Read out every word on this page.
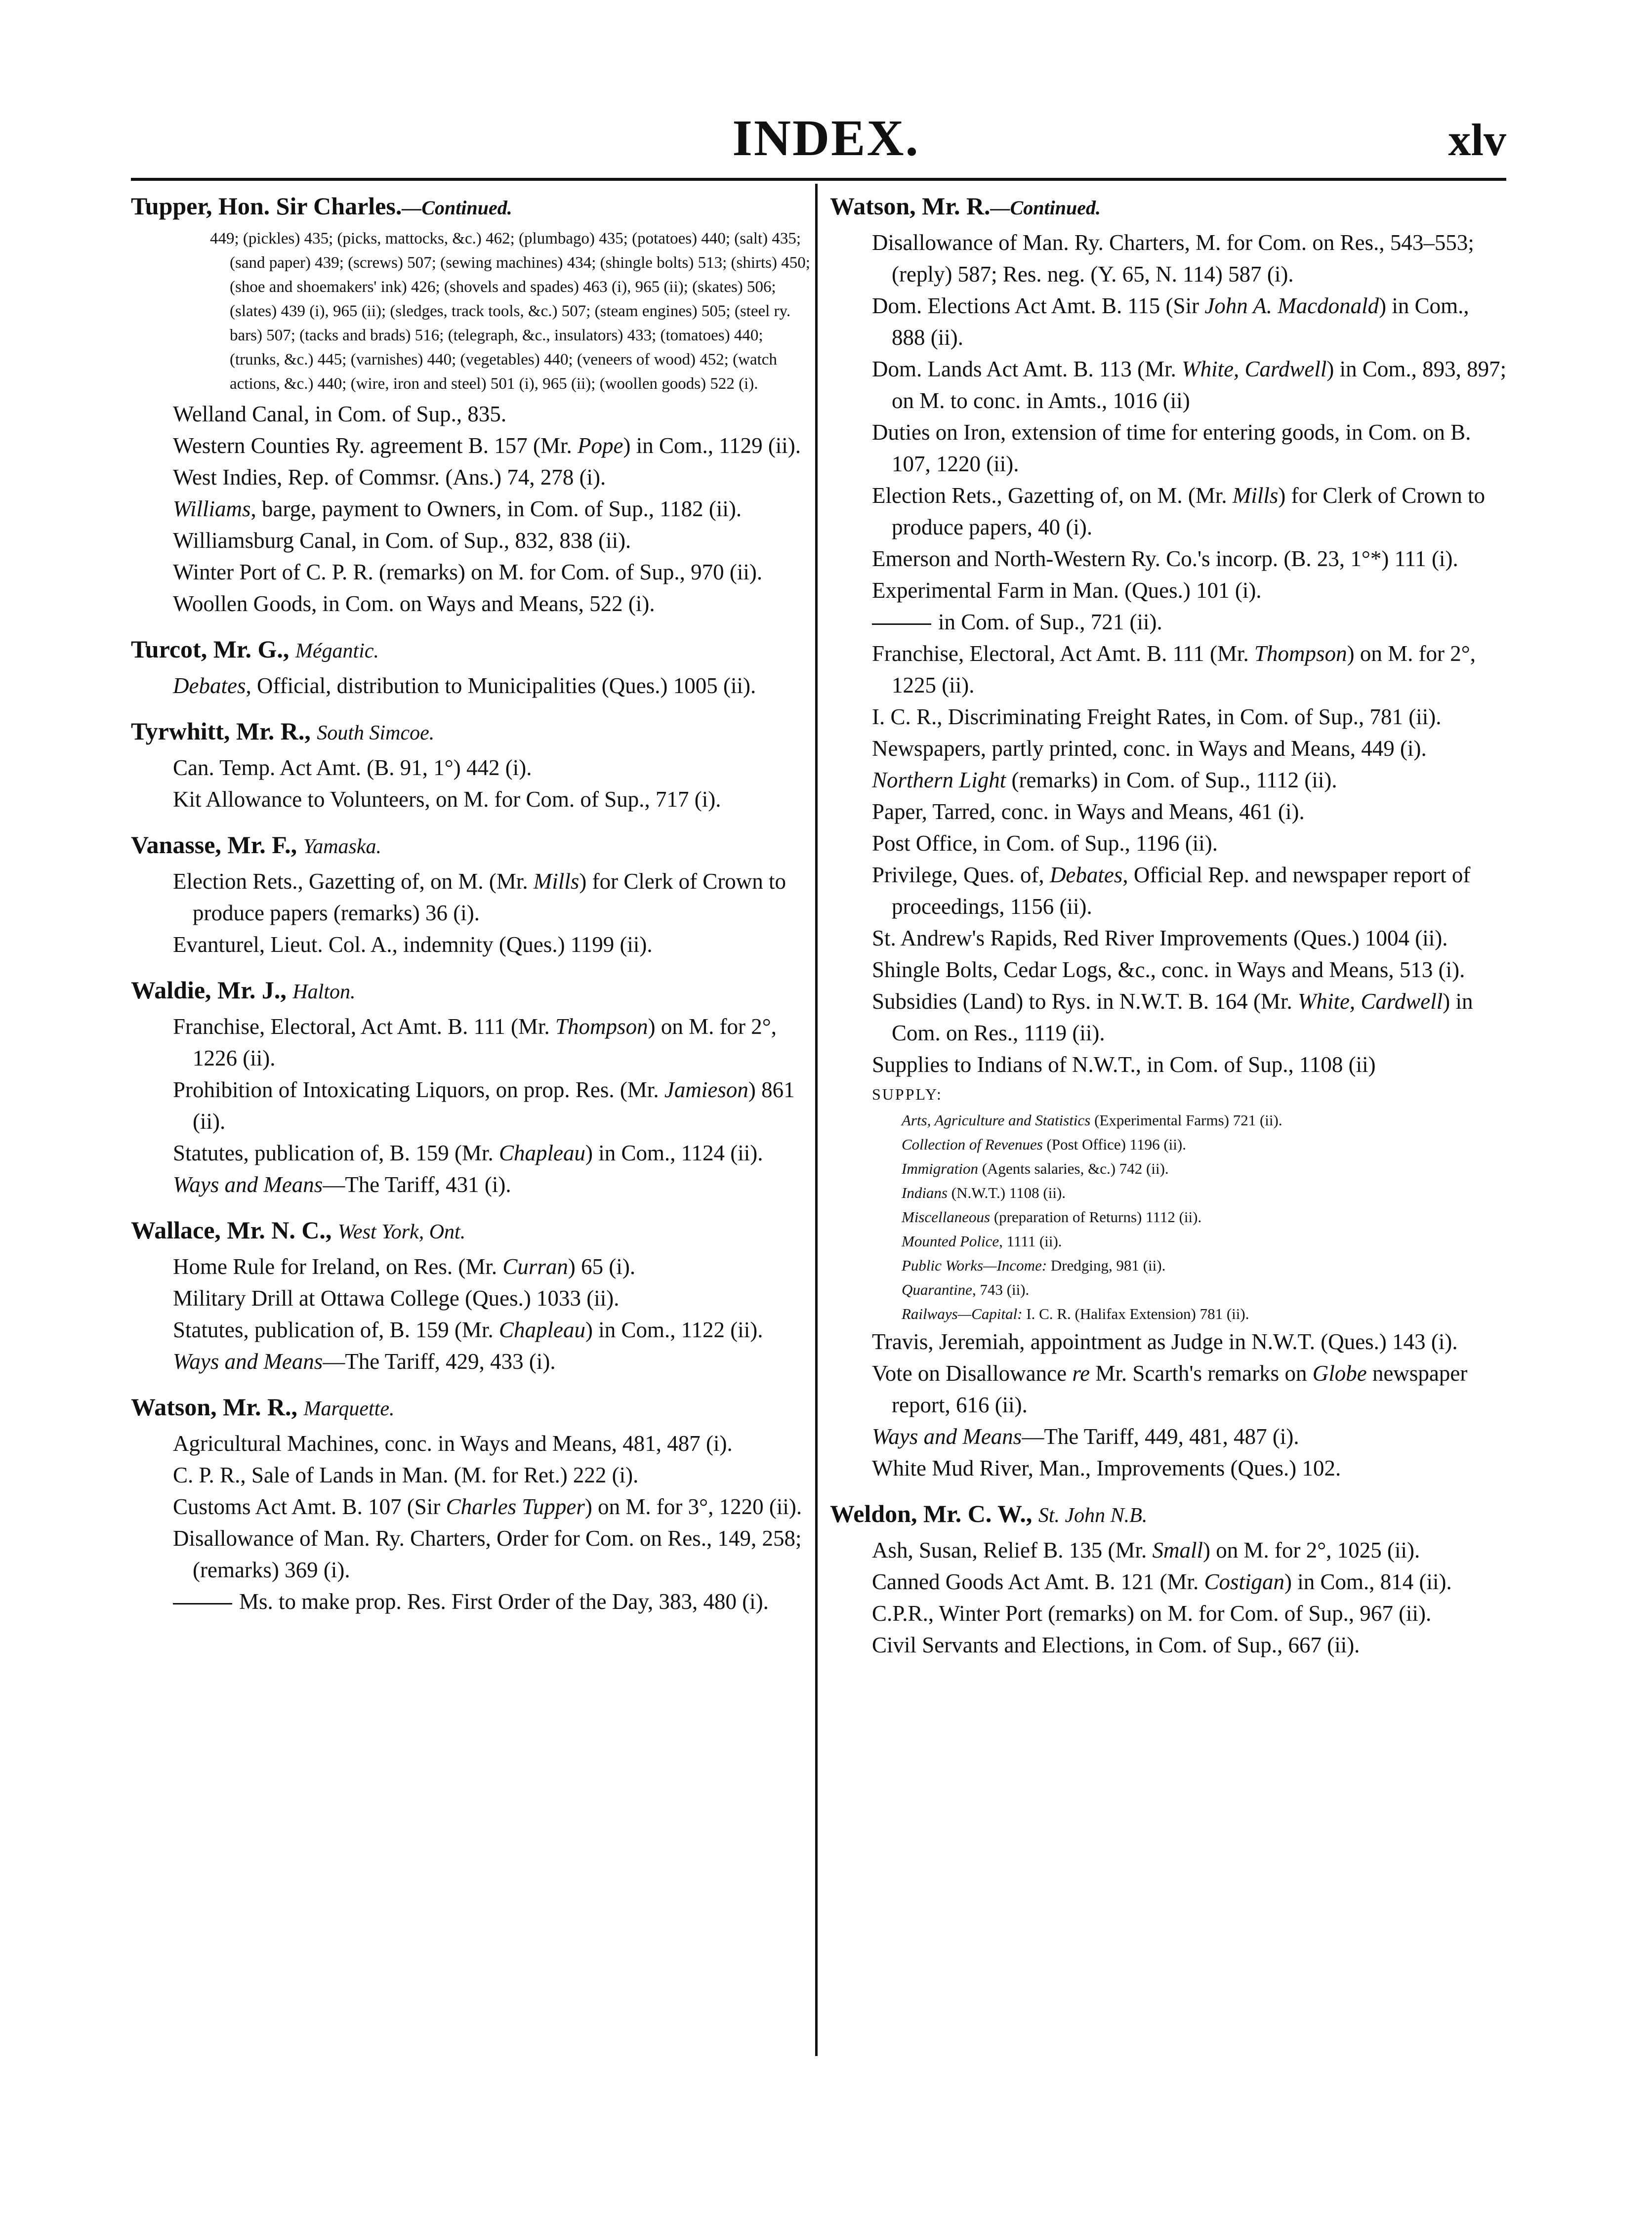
INDEX.	xlv
Tupper, Hon. Sir Charles.—Continued.
449; (pickles) 435; (picks, mattocks, &c.) 462; (plumbago) 435; (potatoes) 440; (salt) 435; (sand paper) 439; (screws) 507; (sewing machines) 434; (shingle bolts) 513; (shirts) 450; (shoe and shoemakers' ink) 426; (shovels and spades) 463 (i), 965 (ii); (skates) 506; (slates) 439 (i), 965 (ii); (sledges, track tools, &c.) 507; (steam engines) 505; (steel ry. bars) 507; (tacks and brads) 516; (telegraph, &c., insulators) 433; (tomatoes) 440; (trunks, &c.) 445; (varnishes) 440; (vegetables) 440; (veneers of wood) 452; (watch actions, &c.) 440; (wire, iron and steel) 501 (i), 965 (ii); (woollen goods) 522 (i).
Welland Canal, in Com. of Sup., 835.
Western Counties Ry. agreement B. 157 (Mr. Pope) in Com., 1129 (ii).
West Indies, Rep. of Commsr. (Ans.) 74, 278 (i).
Williams, barge, payment to Owners, in Com. of Sup., 1182 (ii).
Williamsburg Canal, in Com. of Sup., 832, 838 (ii).
Winter Port of C. P. R. (remarks) on M. for Com. of Sup., 970 (ii).
Woollen Goods, in Com. on Ways and Means, 522 (i).
Turcot, Mr. G., Mégantic.
Debates, Official, distribution to Municipalities (Ques.) 1005 (ii).
Tyrwhitt, Mr. R., South Simcoe.
Can. Temp. Act Amt. (B. 91, 1°) 442 (i).
Kit Allowance to Volunteers, on M. for Com. of Sup., 717 (i).
Vanasse, Mr. F., Yamaska.
Election Rets., Gazetting of, on M. (Mr. Mills) for Clerk of Crown to produce papers (remarks) 36 (i).
Evanturel, Lieut. Col. A., indemnity (Ques.) 1199 (ii).
Waldie, Mr. J., Halton.
Franchise, Electoral, Act Amt. B. 111 (Mr. Thompson) on M. for 2°, 1226 (ii).
Prohibition of Intoxicating Liquors, on prop. Res. (Mr. Jamieson) 861 (ii).
Statutes, publication of, B. 159 (Mr. Chapleau) in Com., 1124 (ii).
Ways and Means—The Tariff, 431 (i).
Wallace, Mr. N. C., West York, Ont.
Home Rule for Ireland, on Res. (Mr. Curran) 65 (i).
Military Drill at Ottawa College (Ques.) 1033 (ii).
Statutes, publication of, B. 159 (Mr. Chapleau) in Com., 1122 (ii).
Ways and Means—The Tariff, 429, 433 (i).
Watson, Mr. R., Marquette.
Agricultural Machines, conc. in Ways and Means, 481, 487 (i).
C. P. R., Sale of Lands in Man. (M. for Ret.) 222 (i).
Customs Act Amt. B. 107 (Sir Charles Tupper) on M. for 3°, 1220 (ii).
Disallowance of Man. Ry. Charters, Order for Com. on Res., 149, 258; (remarks) 369 (i).
Ms. to make prop. Res. First Order of the Day, 383, 480 (i).
Watson, Mr. R.—Continued.
Disallowance of Man. Ry. Charters, M. for Com. on Res., 543–553; (reply) 587; Res. neg. (Y. 65, N. 114) 587 (i).
Dom. Elections Act Amt. B. 115 (Sir John A. Macdonald) in Com., 888 (ii).
Dom. Lands Act Amt. B. 113 (Mr. White, Cardwell) in Com., 893, 897; on M. to conc. in Amts., 1016 (ii)
Duties on Iron, extension of time for entering goods, in Com. on B. 107, 1220 (ii).
Election Rets., Gazetting of, on M. (Mr. Mills) for Clerk of Crown to produce papers, 40 (i).
Emerson and North-Western Ry. Co.'s incorp. (B. 23, 1°*) 111 (i).
Experimental Farm in Man. (Ques.) 101 (i).
in Com. of Sup., 721 (ii).
Franchise, Electoral, Act Amt. B. 111 (Mr. Thompson) on M. for 2°, 1225 (ii).
I. C. R., Discriminating Freight Rates, in Com. of Sup., 781 (ii).
Newspapers, partly printed, conc. in Ways and Means, 449 (i).
Northern Light (remarks) in Com. of Sup., 1112 (ii).
Paper, Tarred, conc. in Ways and Means, 461 (i).
Post Office, in Com. of Sup., 1196 (ii).
Privilege, Ques. of, Debates, Official Rep. and newspaper report of proceedings, 1156 (ii).
St. Andrew's Rapids, Red River Improvements (Ques.) 1004 (ii).
Shingle Bolts, Cedar Logs, &c., conc. in Ways and Means, 513 (i).
Subsidies (Land) to Rys. in N.W.T. B. 164 (Mr. White, Cardwell) in Com. on Res., 1119 (ii).
Supplies to Indians of N.W.T., in Com. of Sup., 1108 (ii)
SUPPLY:
Arts, Agriculture and Statistics (Experimental Farms) 721 (ii).
Collection of Revenues (Post Office) 1196 (ii).
Immigration (Agents salaries, &c.) 742 (ii).
Indians (N.W.T.) 1108 (ii).
Miscellaneous (preparation of Returns) 1112 (ii).
Mounted Police, 1111 (ii).
Public Works—Income: Dredging, 981 (ii).
Quarantine, 743 (ii).
Railways—Capital: I. C. R. (Halifax Extension) 781 (ii).
Travis, Jeremiah, appointment as Judge in N.W.T. (Ques.) 143 (i).
Vote on Disallowance re Mr. Scarth's remarks on Globe newspaper report, 616 (ii).
Ways and Means—The Tariff, 449, 481, 487 (i).
White Mud River, Man., Improvements (Ques.) 102.
Weldon, Mr. C. W., St. John N.B.
Ash, Susan, Relief B. 135 (Mr. Small) on M. for 2°, 1025 (ii).
Canned Goods Act Amt. B. 121 (Mr. Costigan) in Com., 814 (ii).
C.P.R., Winter Port (remarks) on M. for Com. of Sup., 967 (ii).
Civil Servants and Elections, in Com. of Sup., 667 (ii).
